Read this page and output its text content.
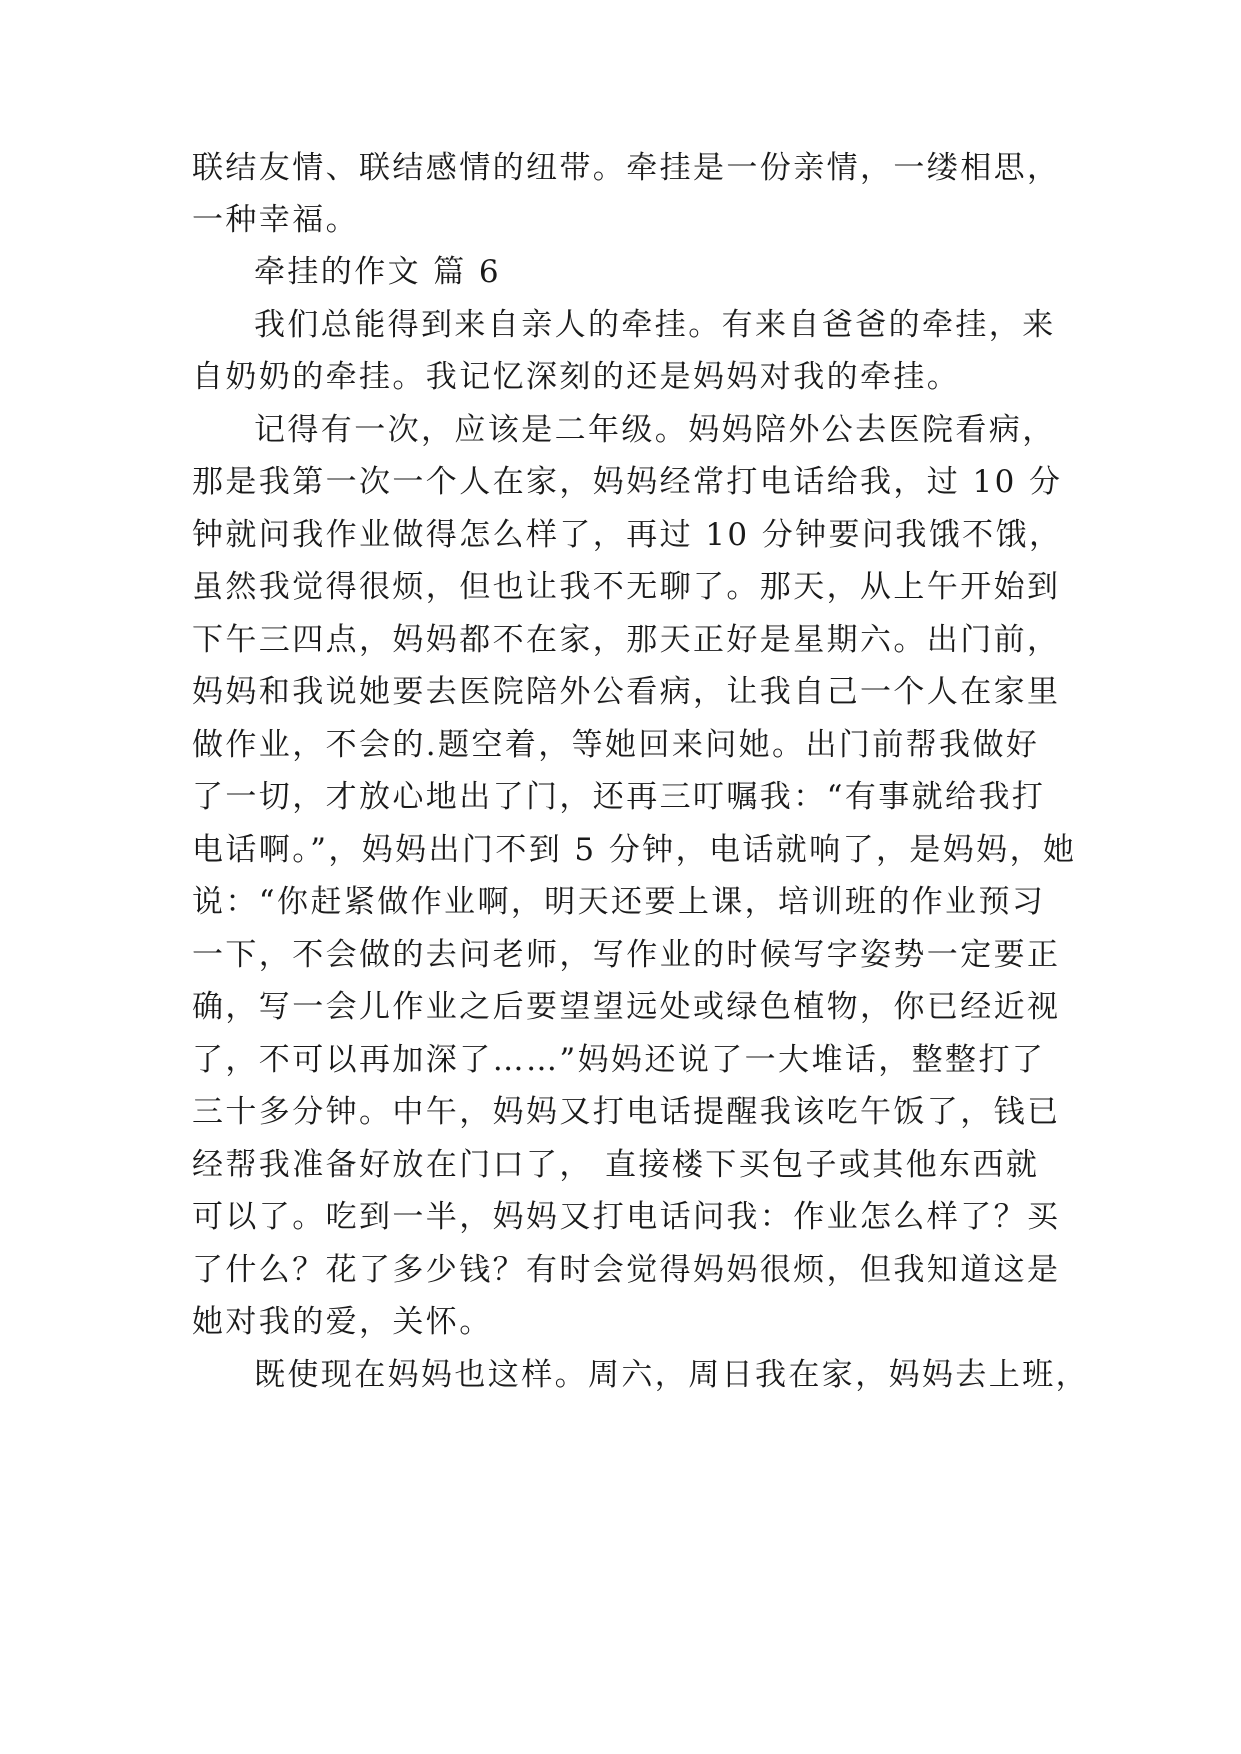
联结友情、联结感情的纽带。牵挂是一份亲情，一缕相思，

一种幸福。

牵挂的作文 篇 6

我们总能得到来自亲人的牵挂。有来自爸爸的牵挂，来

自奶奶的牵挂。我记忆深刻的还是妈妈对我的牵挂。

记得有一次，应该是二年级。妈妈陪外公去医院看病，

那是我第一次一个人在家，妈妈经常打电话给我，过 10 分

钟就问我作业做得怎么样了，再过 10 分钟要问我饿不饿，

虽然我觉得很烦，但也让我不无聊了。那天，从上午开始到

下午三四点，妈妈都不在家，那天正好是星期六。出门前，

妈妈和我说她要去医院陪外公看病，让我自己一个人在家里

做作业，不会的.题空着，等她回来问她。出门前帮我做好

了一切，才放心地出了门，还再三叮嘱我：“有事就给我打

电话啊。”，妈妈出门不到 5 分钟，电话就响了，是妈妈，她

说：“你赶紧做作业啊，明天还要上课，培训班的作业预习

一下，不会做的去问老师，写作业的时候写字姿势一定要正

确，写一会儿作业之后要望望远处或绿色植物，你已经近视

了，不可以再加深了……”妈妈还说了一大堆话，整整打了

三十多分钟。中午，妈妈又打电话提醒我该吃午饭了，钱已

经帮我准备好放在门口了， 直接楼下买包子或其他东西就

可以了。吃到一半，妈妈又打电话问我：作业怎么样了？买

了什么？花了多少钱？有时会觉得妈妈很烦，但我知道这是

她对我的爱，关怀。

既使现在妈妈也这样。周六，周日我在家，妈妈去上班，
